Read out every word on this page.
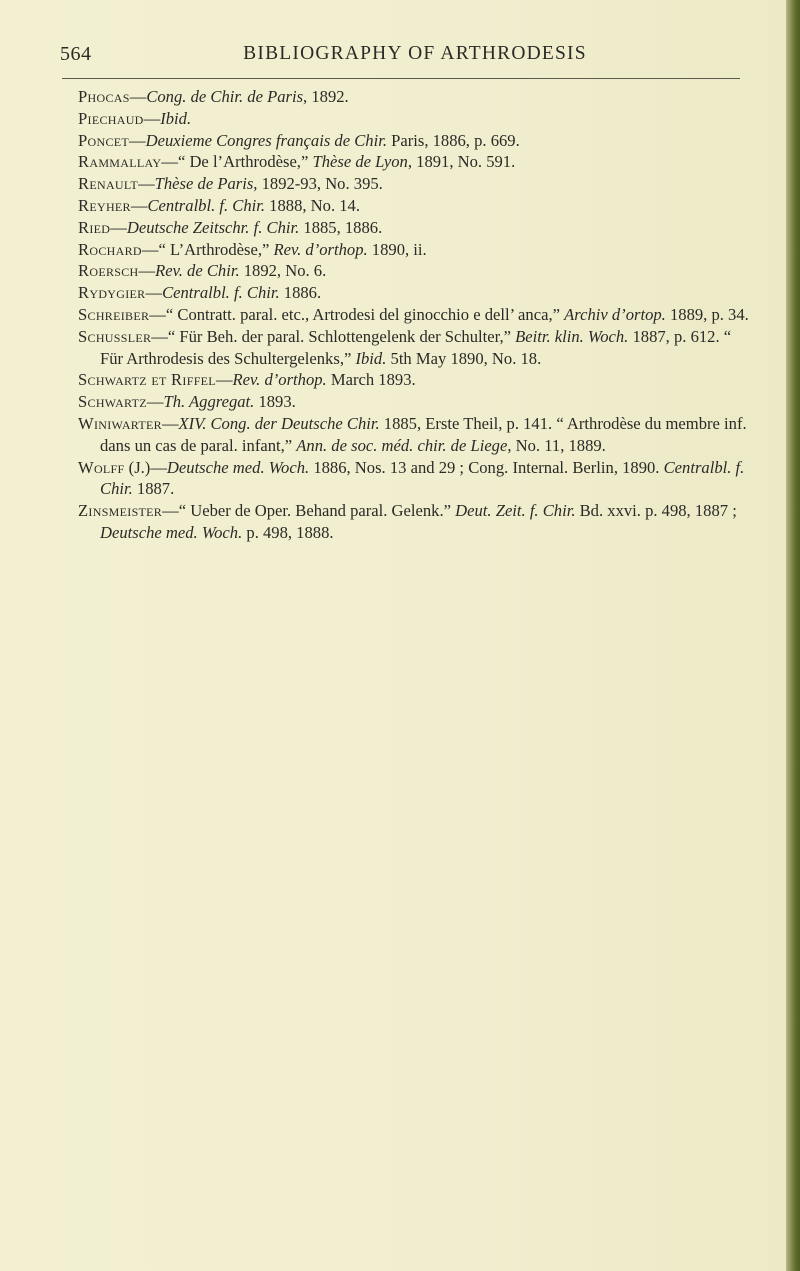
564	BIBLIOGRAPHY OF ARTHRODESIS
Phocas—Cong. de Chir. de Paris, 1892.
Piechaud—Ibid.
Poncet—Deuxieme Congres français de Chir. Paris, 1886, p. 669.
Rammallay—“ De l’Arthrodèse,” Thèse de Lyon, 1891, No. 591.
Renault—Thèse de Paris, 1892-93, No. 395.
Reyher—Centralbl. f. Chir. 1888, No. 14.
Ried—Deutsche Zeitschr. f. Chir. 1885, 1886.
Rochard—“ L’Arthrodèse,” Rev. d’orthop. 1890, ii.
Roersch—Rev. de Chir. 1892, No. 6.
Rydygier—Centralbl. f. Chir. 1886.
Schreiber—“ Contratt. paral. etc., Artrodesi del ginocchio e dell’ anca,” Archiv d’ortop. 1889, p. 34.
Schussler—“ Für Beh. der paral. Schlottengelenk der Schulter,” Beitr. klin. Woch. 1887, p. 612. “ Für Arthrodesis des Schultergelenks,” Ibid. 5th May 1890, No. 18.
Schwartz et Riffel—Rev. d’orthop. March 1893.
Schwartz—Th. Aggregat. 1893.
Winiwarter—XIV. Cong. der Deutsche Chir. 1885, Erste Theil, p. 141. “ Arthrodèse du membre inf. dans un cas de paral. infant,” Ann. de soc. méd. chir. de Liege, No. 11, 1889.
Wolff (J.)—Deutsche med. Woch. 1886, Nos. 13 and 29 ; Cong. Internal. Berlin, 1890. Centralbl. f. Chir. 1887.
Zinsmeister—“ Ueber de Oper. Behand paral. Gelenk.” Deut. Zeit. f. Chir. Bd. xxvi. p. 498, 1887 ; Deutsche med. Woch. p. 498, 1888.
